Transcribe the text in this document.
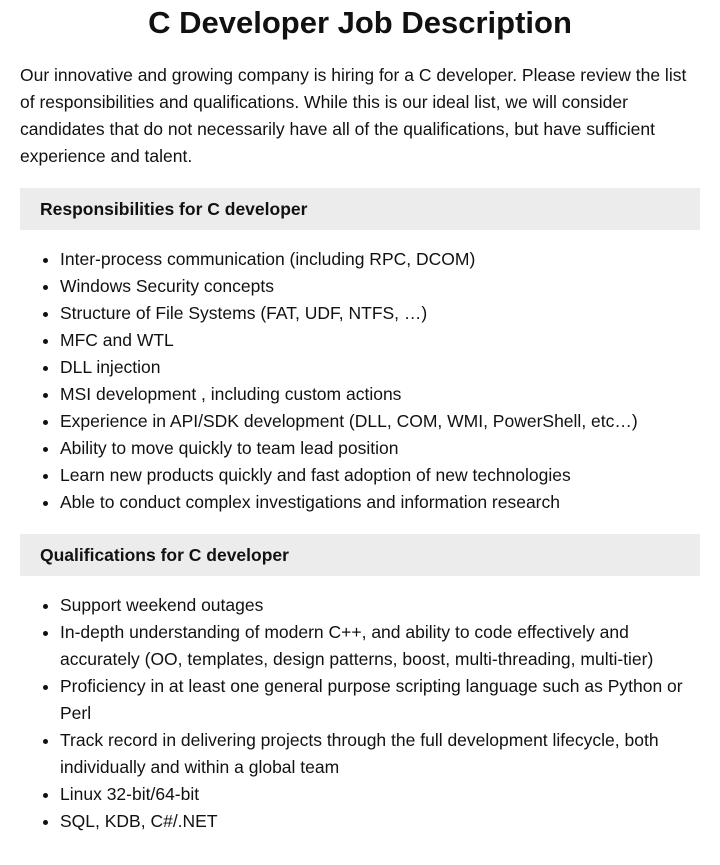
C Developer Job Description

Our innovative and growing company is hiring for a C developer. Please review the list of responsibilities and qualifications. While this is our ideal list, we will consider candidates that do not necessarily have all of the qualifications, but have sufficient experience and talent.

Responsibilities for C developer
• Inter-process communication (including RPC, DCOM)
• Windows Security concepts
• Structure of File Systems (FAT, UDF, NTFS, …)
• MFC and WTL
• DLL injection
• MSI development , including custom actions
• Experience in API/SDK development (DLL, COM, WMI, PowerShell, etc…)
• Ability to move quickly to team lead position
• Learn new products quickly and fast adoption of new technologies
• Able to conduct complex investigations and information research
Qualifications for C developer
• Support weekend outages
• In-depth understanding of modern C++, and ability to code effectively and accurately (OO, templates, design patterns, boost, multi-threading, multi-tier)
• Proficiency in at least one general purpose scripting language such as Python or Perl
• Track record in delivering projects through the full development lifecycle, both individually and within a global team
• Linux 32-bit/64-bit
• SQL, KDB, C#/.NET
